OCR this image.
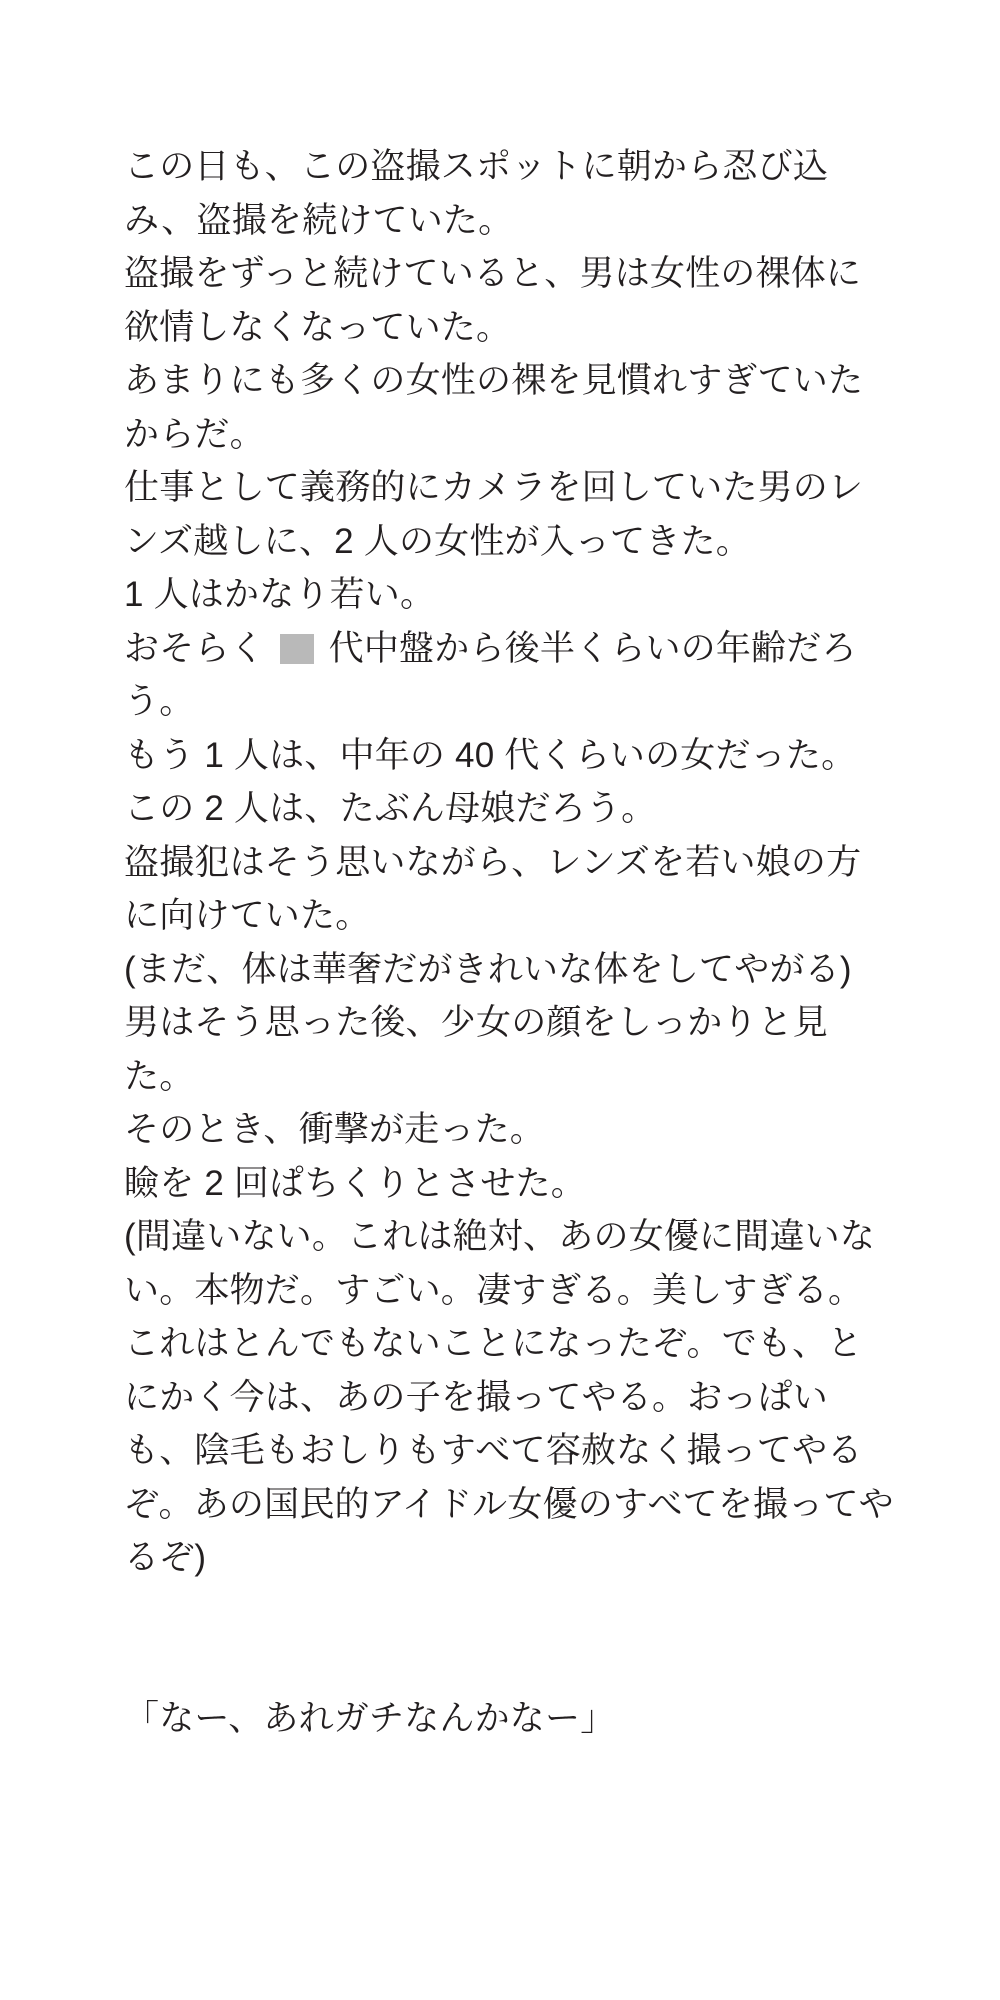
この日も、この盗撮スポットに朝から忍び込み、盗撮を続けていた。

盗撮をずっと続けていると、男は女性の裸体に欲情しなくなっていた。

あまりにも多くの女性の裸を見慣れすぎていたからだ。

仕事として義務的にカメラを回していた男のレンズ越しに、2 人の女性が入ってきた。

1 人はかなり若い。

おそらく  代中盤から後半くらいの年齢だろう。

もう 1 人は、中年の 40 代くらいの女だった。

この 2 人は、たぶん母娘だろう。

盗撮犯はそう思いながら、レンズを若い娘の方に向けていた。

(まだ、体は華奢だがきれいな体をしてやがる)

男はそう思った後、少女の顔をしっかりと見た。

そのとき、衝撃が走った。

瞼を 2 回ぱちくりとさせた。

(間違いない。これは絶対、あの女優に間違いない。本物だ。すごい。凄すぎる。美しすぎる。これはとんでもないことになったぞ。でも、とにかく今は、あの子を撮ってやる。おっぱいも、陰毛もおしりもすべて容赦なく撮ってやるぞ。あの国民的アイドル女優のすべてを撮ってやるぞ)

「なー、あれガチなんかなー」
